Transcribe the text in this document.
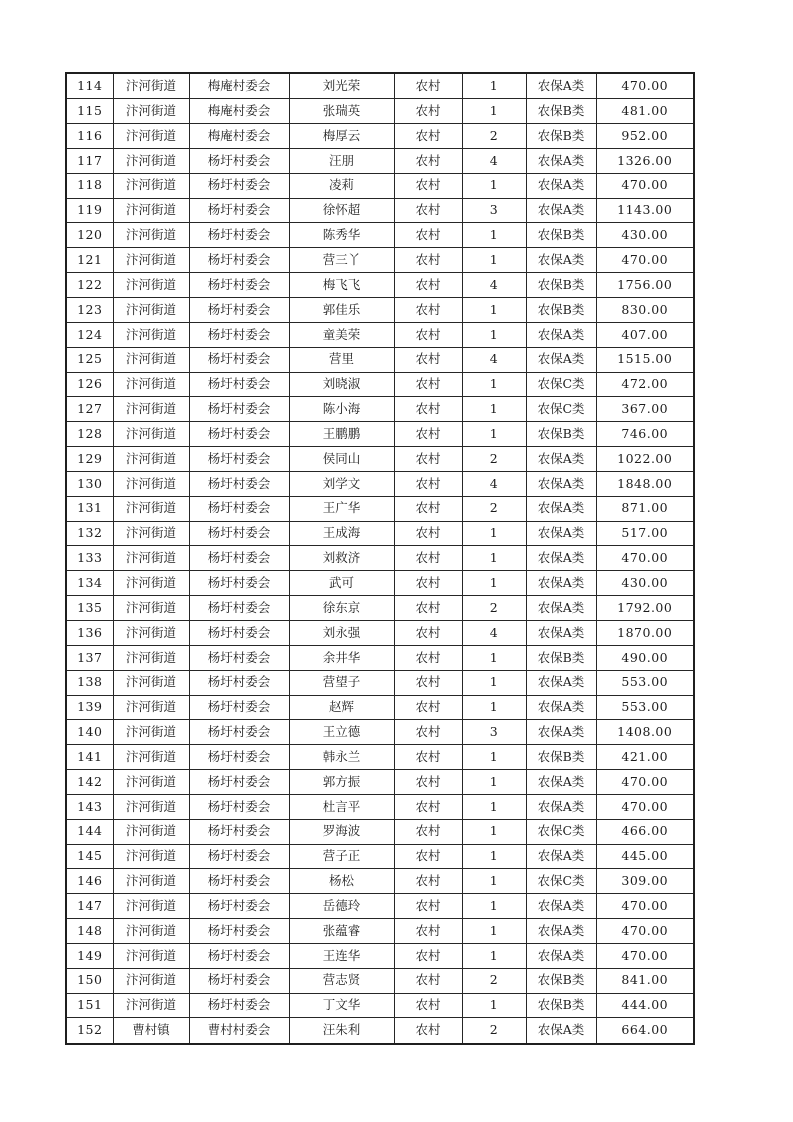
114	汴河街道	梅庵村委会	刘光荣	农村	1	农保A类	470.00
115	汴河街道	梅庵村委会	张瑞英	农村	1	农保B类	481.00
116	汴河街道	梅庵村委会	梅厚云	农村	2	农保B类	952.00
117	汴河街道	杨圩村委会	汪朋	农村	4	农保A类	1326.00
118	汴河街道	杨圩村委会	凌莉	农村	1	农保A类	470.00
119	汴河街道	杨圩村委会	徐怀超	农村	3	农保A类	1143.00
120	汴河街道	杨圩村委会	陈秀华	农村	1	农保B类	430.00
121	汴河街道	杨圩村委会	营三丫	农村	1	农保A类	470.00
122	汴河街道	杨圩村委会	梅飞飞	农村	4	农保B类	1756.00
123	汴河街道	杨圩村委会	郭佳乐	农村	1	农保B类	830.00
124	汴河街道	杨圩村委会	童美荣	农村	1	农保A类	407.00
125	汴河街道	杨圩村委会	营里	农村	4	农保A类	1515.00
126	汴河街道	杨圩村委会	刘晓淑	农村	1	农保C类	472.00
127	汴河街道	杨圩村委会	陈小海	农村	1	农保C类	367.00
128	汴河街道	杨圩村委会	王鹏鹏	农村	1	农保B类	746.00
129	汴河街道	杨圩村委会	侯同山	农村	2	农保A类	1022.00
130	汴河街道	杨圩村委会	刘学文	农村	4	农保A类	1848.00
131	汴河街道	杨圩村委会	王广华	农村	2	农保A类	871.00
132	汴河街道	杨圩村委会	王成海	农村	1	农保A类	517.00
133	汴河街道	杨圩村委会	刘救济	农村	1	农保A类	470.00
134	汴河街道	杨圩村委会	武可	农村	1	农保A类	430.00
135	汴河街道	杨圩村委会	徐东京	农村	2	农保A类	1792.00
136	汴河街道	杨圩村委会	刘永强	农村	4	农保A类	1870.00
137	汴河街道	杨圩村委会	余井华	农村	1	农保B类	490.00
138	汴河街道	杨圩村委会	营望子	农村	1	农保A类	553.00
139	汴河街道	杨圩村委会	赵辉	农村	1	农保A类	553.00
140	汴河街道	杨圩村委会	王立德	农村	3	农保A类	1408.00
141	汴河街道	杨圩村委会	韩永兰	农村	1	农保B类	421.00
142	汴河街道	杨圩村委会	郭方振	农村	1	农保A类	470.00
143	汴河街道	杨圩村委会	杜言平	农村	1	农保A类	470.00
144	汴河街道	杨圩村委会	罗海波	农村	1	农保C类	466.00
145	汴河街道	杨圩村委会	营子正	农村	1	农保A类	445.00
146	汴河街道	杨圩村委会	杨松	农村	1	农保C类	309.00
147	汴河街道	杨圩村委会	岳德玲	农村	1	农保A类	470.00
148	汴河街道	杨圩村委会	张蕴睿	农村	1	农保A类	470.00
149	汴河街道	杨圩村委会	王连华	农村	1	农保A类	470.00
150	汴河街道	杨圩村委会	营志贤	农村	2	农保B类	841.00
151	汴河街道	杨圩村委会	丁文华	农村	1	农保B类	444.00
152	曹村镇	曹村村委会	汪朱利	农村	2	农保A类	664.00
